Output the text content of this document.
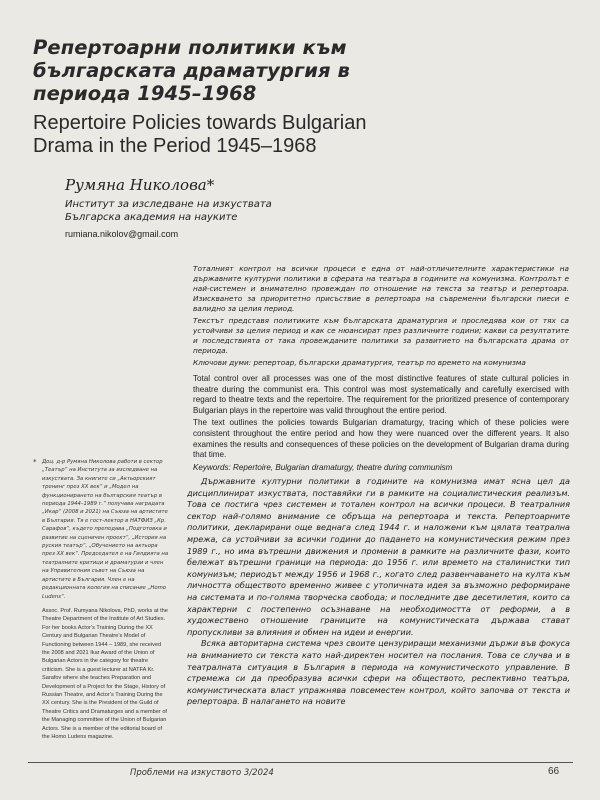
Репертоарни политики към
българската драматургия в
периода 1945–1968
Repertoire Policies towards Bulgarian
Drama in the Period 1945–1968
Румяна Николова*
Институт за изследване на изкуствата
Българска академия на науките
rumiana.nikolov@gmail.com

Тоталният контрол на всички процеси е една от най-отличителните характеристики на държавните културни политики в сферата на театъра в годините на комунизма. Контролът е най-системен и внимателно провеждан по отношение на текста за театър и репертоара. Изискването за приоритетно присъствие в репертоара на съвременни български пиеси е валидно за целия период.

Текстът представя политиките към българската драматургия и проследява кои от тях са устойчиви за целия период и как се нюансират през различните години; какви са резултатите и последствията от така провежданите политики за развитието на българската драма от периода.

Ключови думи: репертоар, български драматургия, театър по времето на комунизма

Total control over all processes was one of the most distinctive features of state cultural policies in theatre during the communist era. This control was most systematically and carefully exercised with regard to theatre texts and the repertoire. The requirement for the prioritized presence of contemporary Bulgarian plays in the repertoire was valid throughout the entire period.

The text outlines the policies towards Bulgarian dramaturgy, tracing which of these policies were consistent throughout the entire period and how they were nuanced over the different years. It also examines the results and consequences of these policies on the development of Bulgarian drama during that time.

Keywords: Repertoire, Bulgarian dramaturgy, theatre during communism

* Доц. д-р Румяна Николова работи в сектор „Театър“ на Института за изследване на изкуствата. За книгите си „Актьорският тренинг през ХХ век“ и „Модел на функционирането на българския театър в периода 1944–1989 г.“ получава наградата „Икар“ (2008 и 2021) на Съюза на артистите в България. Тя е гост-лектор в НАТФИЗ „Кр. Сарафов“, където преподава „Подготовка и развитие на сценичен проект“, „История на руския театър“, „Обучението на актьора през ХХ век“. Председател е на Гилдията на театралните критици и драматурзи и член на Управителния съвет на Съюза на артистите в България. Член е на редакционната колегия на списание „Homo Ludens“.

Assoc. Prof. Rumyana Nikolova, PhD, works at the Theatre Department of the Institute of Art Studies. For her books Actor’s Training During the XX Century and Bulgarian Theatre’s Model of Functioning between 1944 – 1989, she received the 2008 and 2021 Ikar Award of the Union of Bulgarian Actors in the category for theatre criticism. She is a guest lecturer at NATFA Kr. Sarafov where she teaches Preparation and Development of a Project for the Stage, History of Russian Theatre, and Actor’s Training During the XX century. She is the President of the Guild of Theatre Critics and Dramaturges and a member of the Managing committee of the Union of Bulgarian Actors. She is a member of the editorial board of the Homo Ludens magazine.

Държавните културни политики в годините на комунизма имат ясна цел да дисциплинират изкуствата, поставяйки ги в рамките на социалистическия реализъм. Това се постига чрез системен и тотален контрол на всички процеси. В театралния сектор най-голямо внимание се обръща на репертоара и текста. Репертоарните политики, декларирани още веднага след 1944 г. и наложени към цялата театрална мрежа, са устойчиви за всички години до падането на комунистическия режим през 1989 г., но има вътрешни движения и промени в рамките на различните фази, които бележат вътрешни граници на периода: до 1956 г. или времето на сталинистки тип комунизъм; периодът между 1956 и 1968 г., когато след развенчаването на култа към личността обществото временно живее с утопичната идея за възможно реформиране на системата и по-голяма творческа свобода; и последните две десетилетия, които са характерни с постепенно осъзнаване на необходимостта от реформи, а в художествено отношение границите на комунистическата държава стават пропускливи за влияния и обмен на идеи и енергии.

Всяка авторитарна система чрез своите цензуриращи механизми държи във фокуса на вниманието си текста като най-директен носител на послания. Това се случва и в театралната ситуация в България в периода на комунистическото управление. В стремежа си да преобразува всички сфери на обществото, респективно театъра, комунистическата власт упражнява повсеместен контрол, който започва от текста и репертоара. В налагането на новите

Проблеми на изкуството 3/2024	66
